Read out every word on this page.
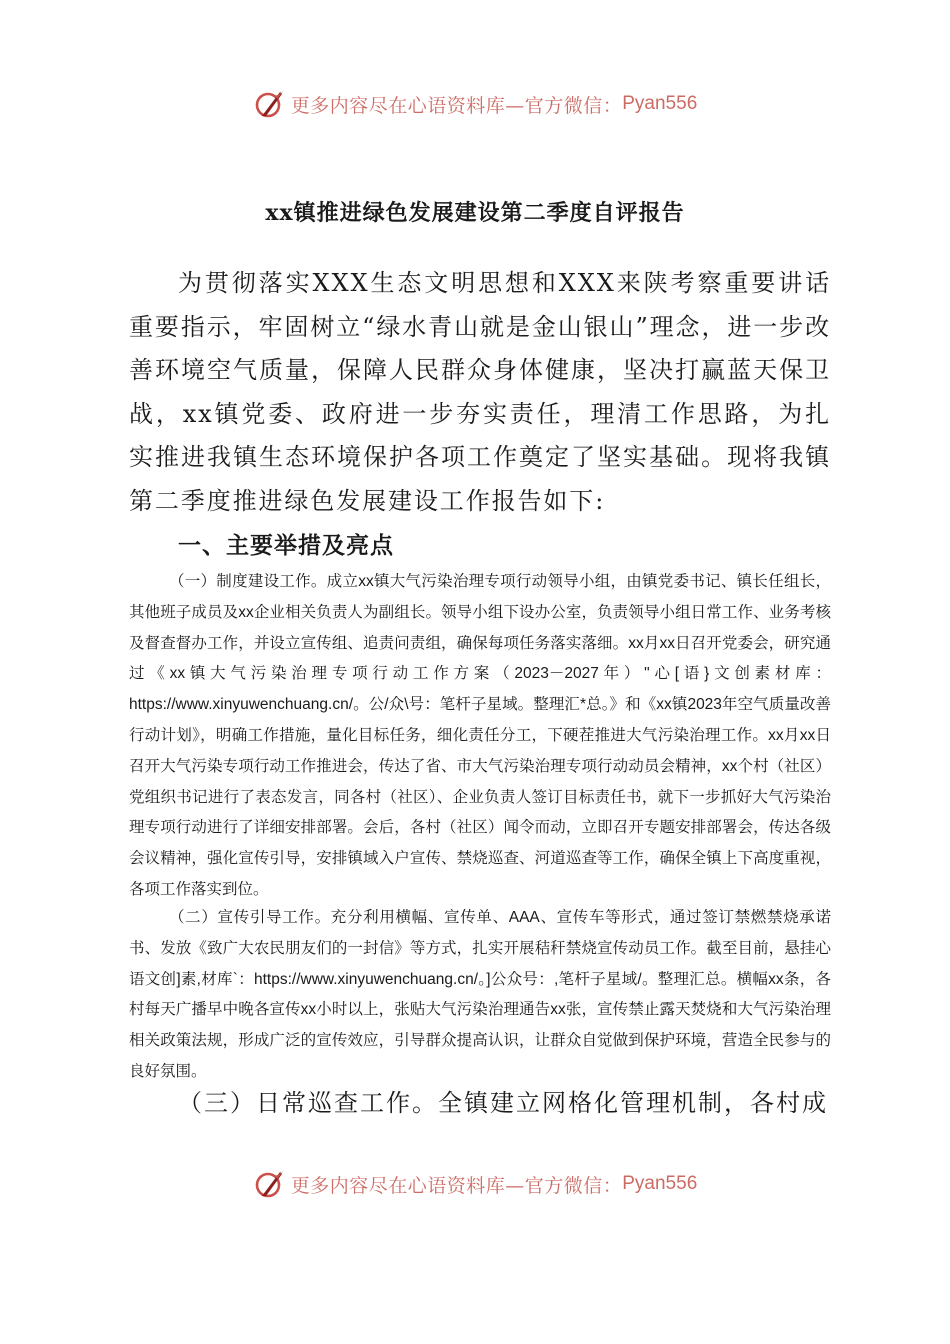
更多内容尽在心语资料库—官方微信： Pyan556
xx镇推进绿色发展建设第二季度自评报告

为贯彻落实XXX生态文明思想和XXX来陕考察重要讲话重要指示，牢固树立“绿水青山就是金山银山”理念，进一步改善环境空气质量，保障人民群众身体健康，坚决打赢蓝天保卫战，xx镇党委、政府进一步夯实责任，理清工作思路，为扎实推进我镇生态环境保护各项工作奠定了坚实基础。现将我镇第二季度推进绿色发展建设工作报告如下:

一、主要举措及亮点

（一）制度建设工作。成立xx镇大气污染治理专项行动领导小组，由镇党委书记、镇长任组长，其他班子成员及xx企业相关负责人为副组长。领导小组下设办公室，负责领导小组日常工作、业务考核及督查督办工作，并设立宣传组、追责问责组，确保每项任务落实落细。xx月xx日召开党委会，研究通过《xx镇大气污染治理专项行动工作方案（2023－2027年）"心[语}文创素材库：https://www.xinyuwenchuang.cn/。公/众\号：笔杆子星域。整理汇*总。》和《xx镇2023年空气质量改善行动计划》，明确工作措施，量化目标任务，细化责任分工，下硬茬推进大气污染治理工作。xx月xx日召开大气污染专项行动工作推进会，传达了省、市大气污染治理专项行动动员会精神，xx个村（社区）党组织书记进行了表态发言，同各村（社区）、企业负责人签订目标责任书，就下一步抓好大气污染治理专项行动进行了详细安排部署。会后，各村（社区）闻令而动，立即召开专题安排部署会，传达各级会议精神，强化宣传引导，安排镇域入户宣传、禁烧巡查、河道巡查等工作，确保全镇上下高度重视，各项工作落实到位。

（二）宣传引导工作。充分利用横幅、宣传单、AAA、宣传车等形式，通过签订禁燃禁烧承诺书、发放《致广大农民朋友们的一封信》等方式，扎实开展秸秆禁烧宣传动员工作。截至目前，悬挂心语文创]素,材库`：https://www.xinyuwenchuang.cn/。]公众号：,笔杆子星域/。整理汇总。横幅xx条，各村每天广播早中晚各宣传xx小时以上，张贴大气污染治理通告xx张，宣传禁止露天焚烧和大气污染治理相关政策法规，形成广泛的宣传效应，引导群众提高认识，让群众自觉做到保护环境，营造全民参与的良好氛围。

（三）日常巡查工作。全镇建立网格化管理机制，各村成

更多内容尽在心语资料库—官方微信： Pyan556
